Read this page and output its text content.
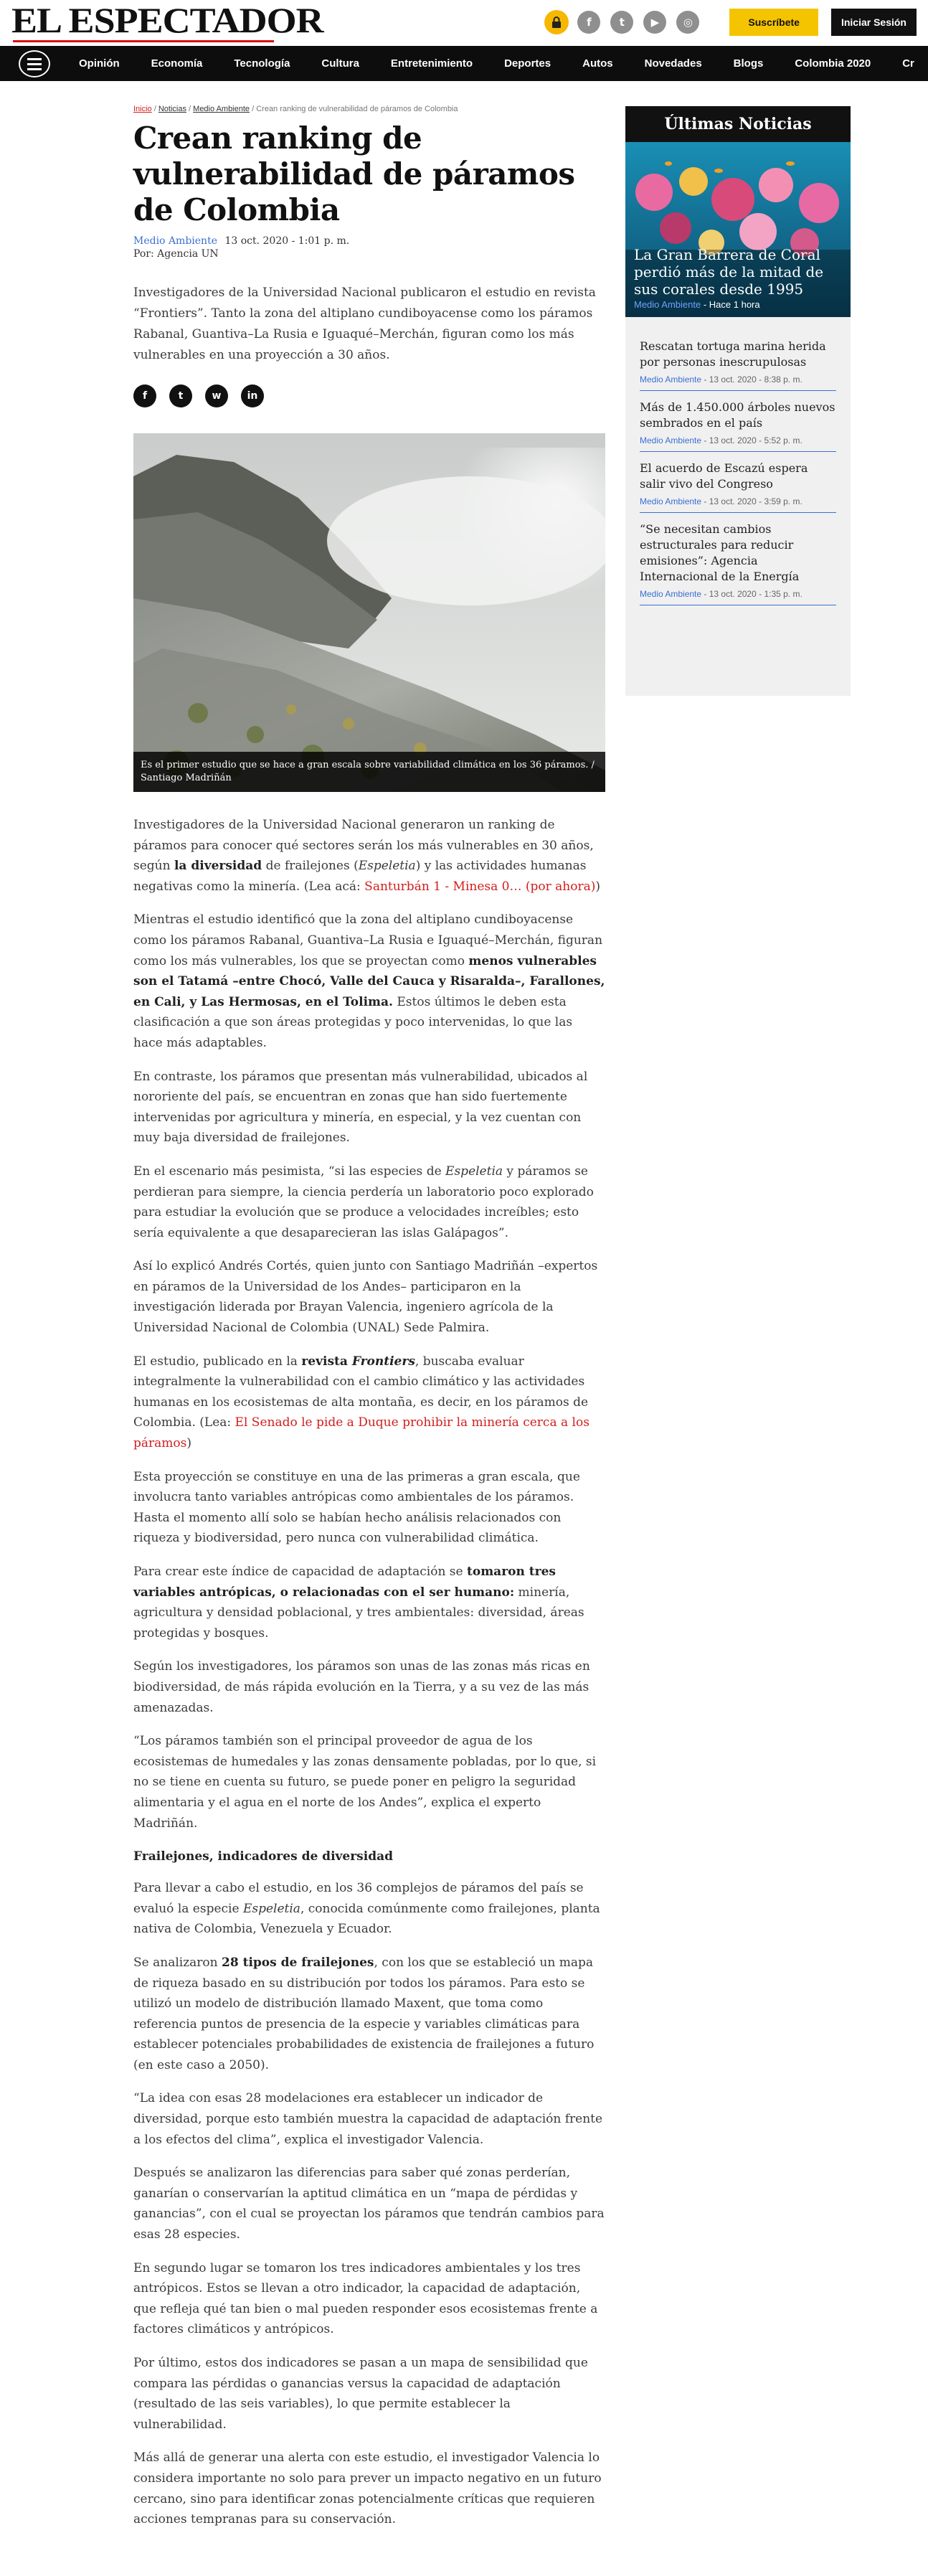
EL ESPECTADOR	f	t	▶	◎	Suscríbete	Iniciar Sesión
Opinión	Economía	Tecnología	Cultura	Entretenimiento	Deportes	Autos	Novedades	Blogs	Colombia 2020	Cr
Inicio / Noticias / Medio Ambiente / Crean ranking de vulnerabilidad de páramos de Colombia
Crean ranking de vulnerabilidad de páramos de Colombia
Medio Ambiente 13 oct. 2020 - 1:01 p. m.
Por: Agencia UN

Investigadores de la Universidad Nacional publicaron el estudio en revista “Frontiers”. Tanto la zona del altiplano cundiboyacense como los páramos Rabanal, Guantiva–La Rusia e Iguaqué–Merchán, figuran como los más vulnerables en una proyección a 30 años.

f	t	w	in
Es el primer estudio que se hace a gran escala sobre variabilidad climática en los 36 páramos. / Santiago Madriñán

Investigadores de la Universidad Nacional generaron un ranking de páramos para conocer qué sectores serán los más vulnerables en 30 años, según la diversidad de frailejones (Espeletia) y las actividades humanas negativas como la minería. (Lea acá: Santurbán 1 - Minesa 0… (por ahora))

Mientras el estudio identificó que la zona del altiplano cundiboyacense como los páramos Rabanal, Guantiva–La Rusia e Iguaqué–Merchán, figuran como los más vulnerables, los que se proyectan como menos vulnerables son el Tatamá –entre Chocó, Valle del Cauca y Risaralda–, Farallones, en Cali, y Las Hermosas, en el Tolima. Estos últimos le deben esta clasificación a que son áreas protegidas y poco intervenidas, lo que las hace más adaptables.

En contraste, los páramos que presentan más vulnerabilidad, ubicados al nororiente del país, se encuentran en zonas que han sido fuertemente intervenidas por agricultura y minería, en especial, y la vez cuentan con muy baja diversidad de frailejones.

En el escenario más pesimista, “si las especies de Espeletia y páramos se perdieran para siempre, la ciencia perdería un laboratorio poco explorado para estudiar la evolución que se produce a velocidades increíbles; esto sería equivalente a que desaparecieran las islas Galápagos”.

Así lo explicó Andrés Cortés, quien junto con Santiago Madriñán –expertos en páramos de la Universidad de los Andes– participaron en la investigación liderada por Brayan Valencia, ingeniero agrícola de la Universidad Nacional de Colombia (UNAL) Sede Palmira.

El estudio, publicado en la revista Frontiers, buscaba evaluar integralmente la vulnerabilidad con el cambio climático y las actividades humanas en los ecosistemas de alta montaña, es decir, en los páramos de Colombia. (Lea: El Senado le pide a Duque prohibir la minería cerca a los páramos)

Esta proyección se constituye en una de las primeras a gran escala, que involucra tanto variables antrópicas como ambientales de los páramos. Hasta el momento allí solo se habían hecho análisis relacionados con riqueza y biodiversidad, pero nunca con vulnerabilidad climática.

Para crear este índice de capacidad de adaptación se tomaron tres variables antrópicas, o relacionadas con el ser humano: minería, agricultura y densidad poblacional, y tres ambientales: diversidad, áreas protegidas y bosques.

Según los investigadores, los páramos son unas de las zonas más ricas en biodiversidad, de más rápida evolución en la Tierra, y a su vez de las más amenazadas.

“Los páramos también son el principal proveedor de agua de los ecosistemas de humedales y las zonas densamente pobladas, por lo que, si no se tiene en cuenta su futuro, se puede poner en peligro la seguridad alimentaria y el agua en el norte de los Andes”, explica el experto Madriñán.

Frailejones, indicadores de diversidad

Para llevar a cabo el estudio, en los 36 complejos de páramos del país se evaluó la especie Espeletia, conocida comúnmente como frailejones, planta nativa de Colombia, Venezuela y Ecuador.

Se analizaron 28 tipos de frailejones, con los que se estableció un mapa de riqueza basado en su distribución por todos los páramos. Para esto se utilizó un modelo de distribución llamado Maxent, que toma como referencia puntos de presencia de la especie y variables climáticas para establecer potenciales probabilidades de existencia de frailejones a futuro (en este caso a 2050).

“La idea con esas 28 modelaciones era establecer un indicador de diversidad, porque esto también muestra la capacidad de adaptación frente a los efectos del clima”, explica el investigador Valencia.

Después se analizaron las diferencias para saber qué zonas perderían, ganarían o conservarían la aptitud climática en un “mapa de pérdidas y ganancias”, con el cual se proyectan los páramos que tendrán cambios para esas 28 especies.

En segundo lugar se tomaron los tres indicadores ambientales y los tres antrópicos. Estos se llevan a otro indicador, la capacidad de adaptación, que refleja qué tan bien o mal pueden responder esos ecosistemas frente a factores climáticos y antrópicos.

Por último, estos dos indicadores se pasan a un mapa de sensibilidad que compara las pérdidas o ganancias versus la capacidad de adaptación (resultado de las seis variables), lo que permite establecer la vulnerabilidad.

Más allá de generar una alerta con este estudio, el investigador Valencia lo considera importante no solo para prever un impacto negativo en un futuro cercano, sino para identificar zonas potencialmente críticas que requieren acciones tempranas para su conservación.

Últimas Noticias
La Gran Barrera de Coral perdió más de la mitad de sus corales desde 1995
Medio Ambiente - Hace 1 hora
Rescatan tortuga marina herida por personas inescrupulosas
Medio Ambiente - 13 oct. 2020 - 8:38 p. m.
Más de 1.450.000 árboles nuevos sembrados en el país
Medio Ambiente - 13 oct. 2020 - 5:52 p. m.
El acuerdo de Escazú espera salir vivo del Congreso
Medio Ambiente - 13 oct. 2020 - 3:59 p. m.
“Se necesitan cambios estructurales para reducir emisiones”: Agencia Internacional de la Energía
Medio Ambiente - 13 oct. 2020 - 1:35 p. m.
